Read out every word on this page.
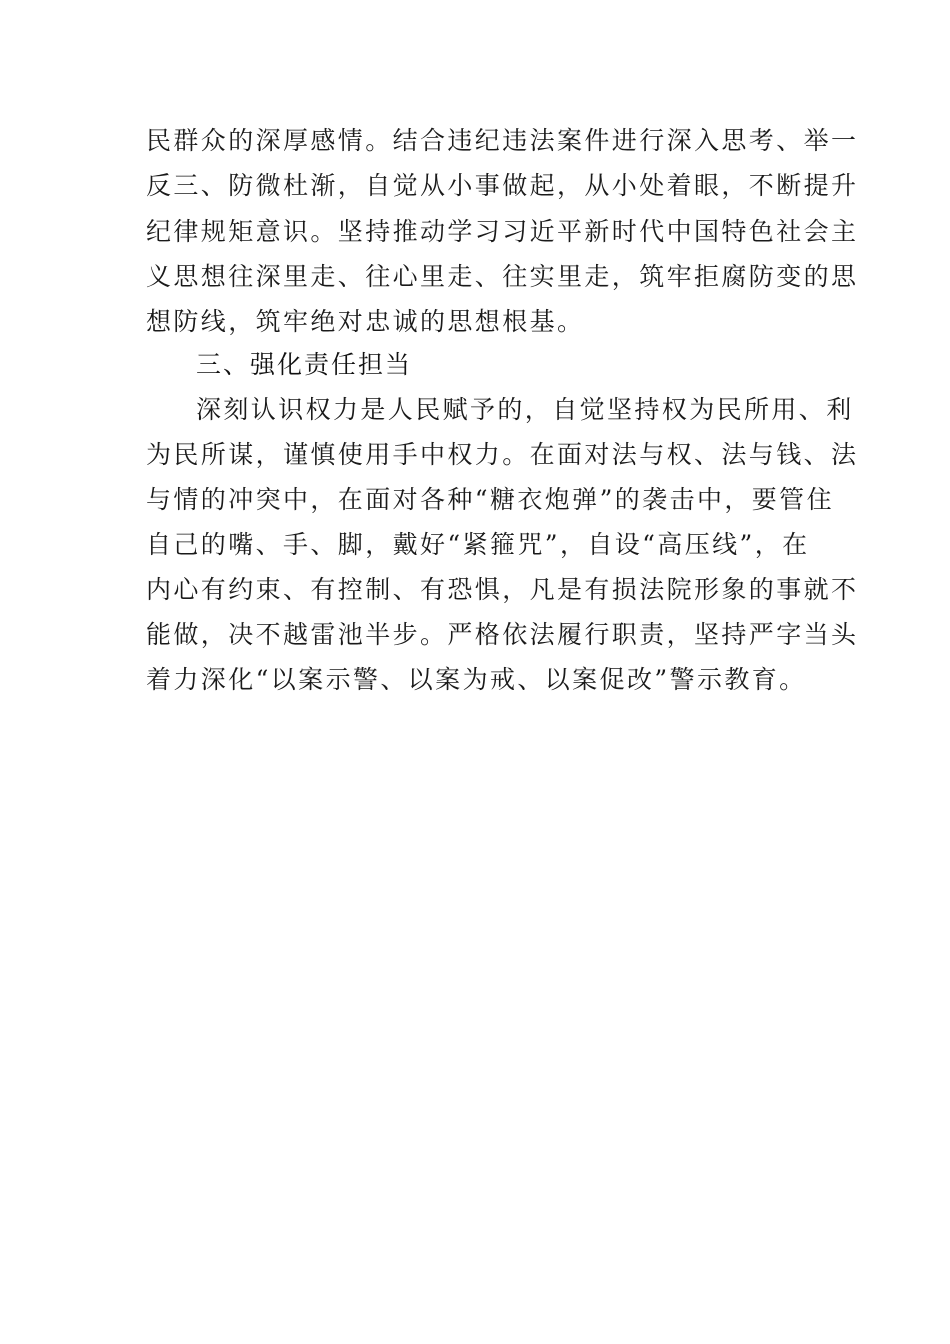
民群众的深厚感情。结合违纪违法案件进行深入思考、举一
反三、防微杜渐，自觉从小事做起，从小处着眼，不断提升
纪律规矩意识。坚持推动学习习近平新时代中国特色社会主
义思想往深里走、往心里走、往实里走，筑牢拒腐防变的思
想防线，筑牢绝对忠诚的思想根基。
三、强化责任担当
深刻认识权力是人民赋予的，自觉坚持权为民所用、利
为民所谋，谨慎使用手中权力。在面对法与权、法与钱、法
与情的冲突中，在面对各种“糖衣炮弹”的袭击中，要管住
自己的嘴、手、脚，戴好“紧箍咒”，自设“高压线”，在
内心有约束、有控制、有恐惧，凡是有损法院形象的事就不
能做，决不越雷池半步。严格依法履行职责，坚持严字当头
着力深化“以案示警、以案为戒、以案促改”警示教育。
